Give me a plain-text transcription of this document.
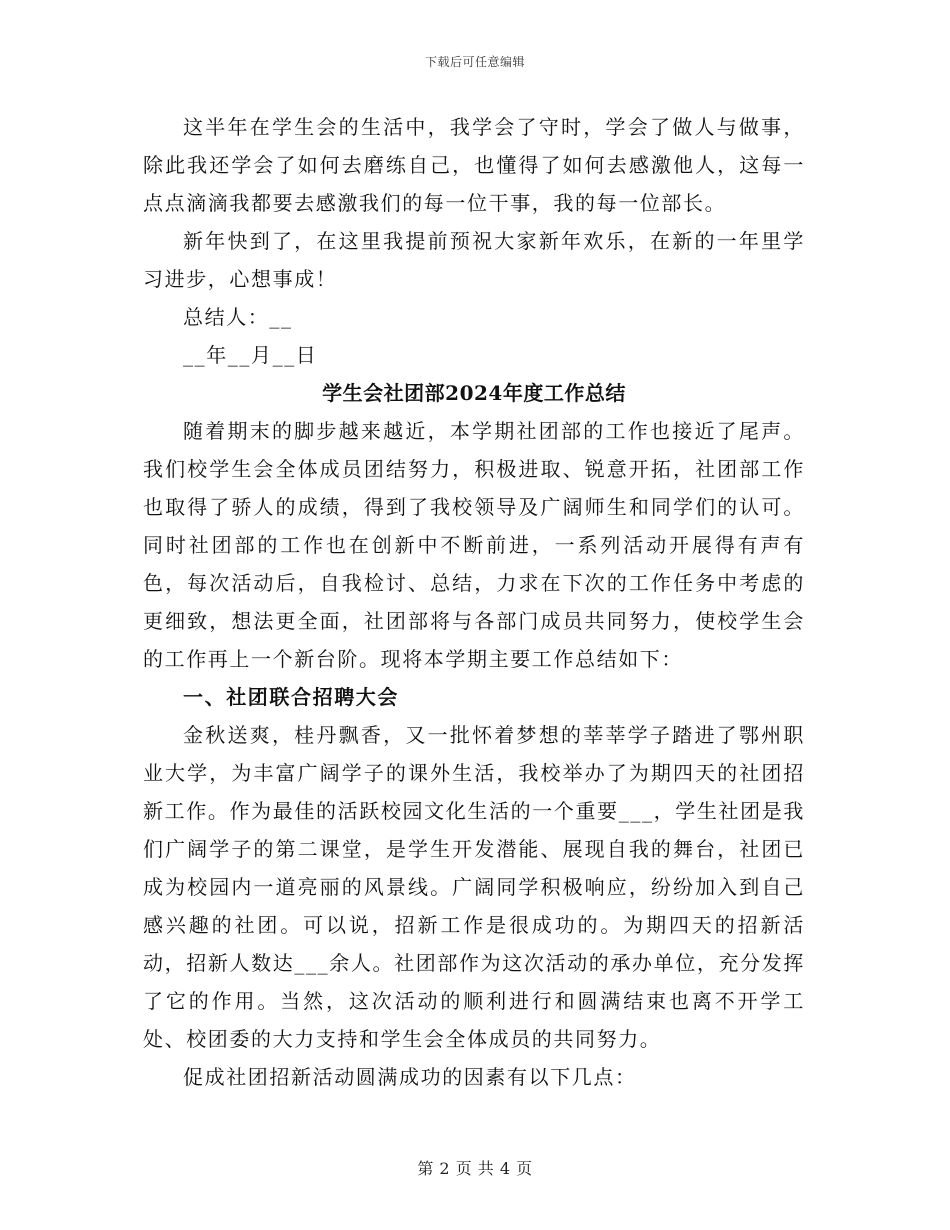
下载后可任意编辑

这半年在学生会的生活中，我学会了守时，学会了做人与做事，除此我还学会了如何去磨练自己，也懂得了如何去感激他人，这每一点点滴滴我都要去感激我们的每一位干事，我的每一位部长。

新年快到了，在这里我提前预祝大家新年欢乐，在新的一年里学习进步，心想事成！

总结人：__

__年__月__日

学生会社团部2024年度工作总结

随着期末的脚步越来越近，本学期社团部的工作也接近了尾声。我们校学生会全体成员团结努力，积极进取、锐意开拓，社团部工作也取得了骄人的成绩，得到了我校领导及广阔师生和同学们的认可。同时社团部的工作也在创新中不断前进，一系列活动开展得有声有色，每次活动后，自我检讨、总结，力求在下次的工作任务中考虑的更细致，想法更全面，社团部将与各部门成员共同努力，使校学生会的工作再上一个新台阶。现将本学期主要工作总结如下：

一、社团联合招聘大会

金秋送爽，桂丹飘香，又一批怀着梦想的莘莘学子踏进了鄂州职业大学，为丰富广阔学子的课外生活，我校举办了为期四天的社团招新工作。作为最佳的活跃校园文化生活的一个重要___，学生社团是我们广阔学子的第二课堂，是学生开发潜能、展现自我的舞台，社团已成为校园内一道亮丽的风景线。广阔同学积极响应，纷纷加入到自己感兴趣的社团。可以说，招新工作是很成功的。为期四天的招新活动，招新人数达___余人。社团部作为这次活动的承办单位，充分发挥了它的作用。当然，这次活动的顺利进行和圆满结束也离不开学工处、校团委的大力支持和学生会全体成员的共同努力。

促成社团招新活动圆满成功的因素有以下几点：

第 2 页 共 4 页
